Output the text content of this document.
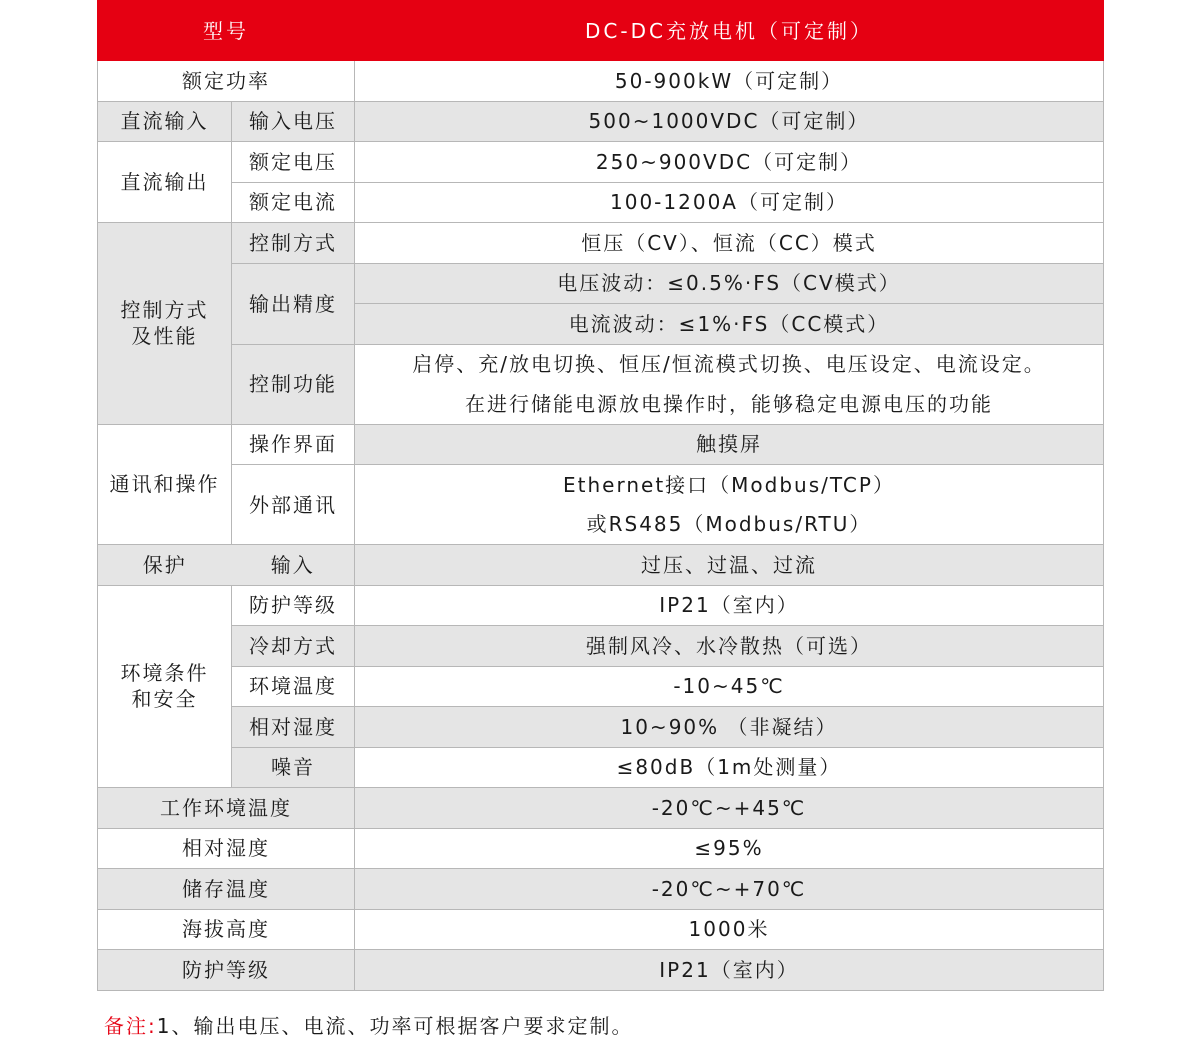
型号		DC-DC充放电机（可定制）
额定功率		50-900kW（可定制）
直流输入	输入电压	500~1000VDC（可定制）
直流输出	额定电压	250~900VDC（可定制）
	额定电流	100-1200A（可定制）

控制方式
及性能	控制方式	恒压（CV）、恒流（CC）模式
	输出精度	电压波动：≤0.5%·FS（CV模式）
		电流波动：≤1%·FS（CC模式）
	控制功能	启停、充/放电切换、恒压/恒流模式切换、电压设定、电流设定。
		在进行储能电源放电操作时，能够稳定电源电压的功能
通讯和操作	操作界面	触摸屏
	外部通讯	Ethernet接口（Modbus/TCP）
		或RS485（Modbus/RTU）
保护	输入	过压、过温、过流

环境条件
和安全	防护等级	IP21（室内）
	冷却方式	强制风冷、水冷散热（可选）
	环境温度	-10~45℃
	相对湿度	10~90% （非凝结）
	噪音	≤80dB（1m处测量）
工作环境温度		-20℃~+45℃
相对湿度		≤95%
储存温度		-20℃~+70℃
海拔高度		1000米
防护等级		IP21（室内）
备注:1、输出电压、电流、功率可根据客户要求定制。
